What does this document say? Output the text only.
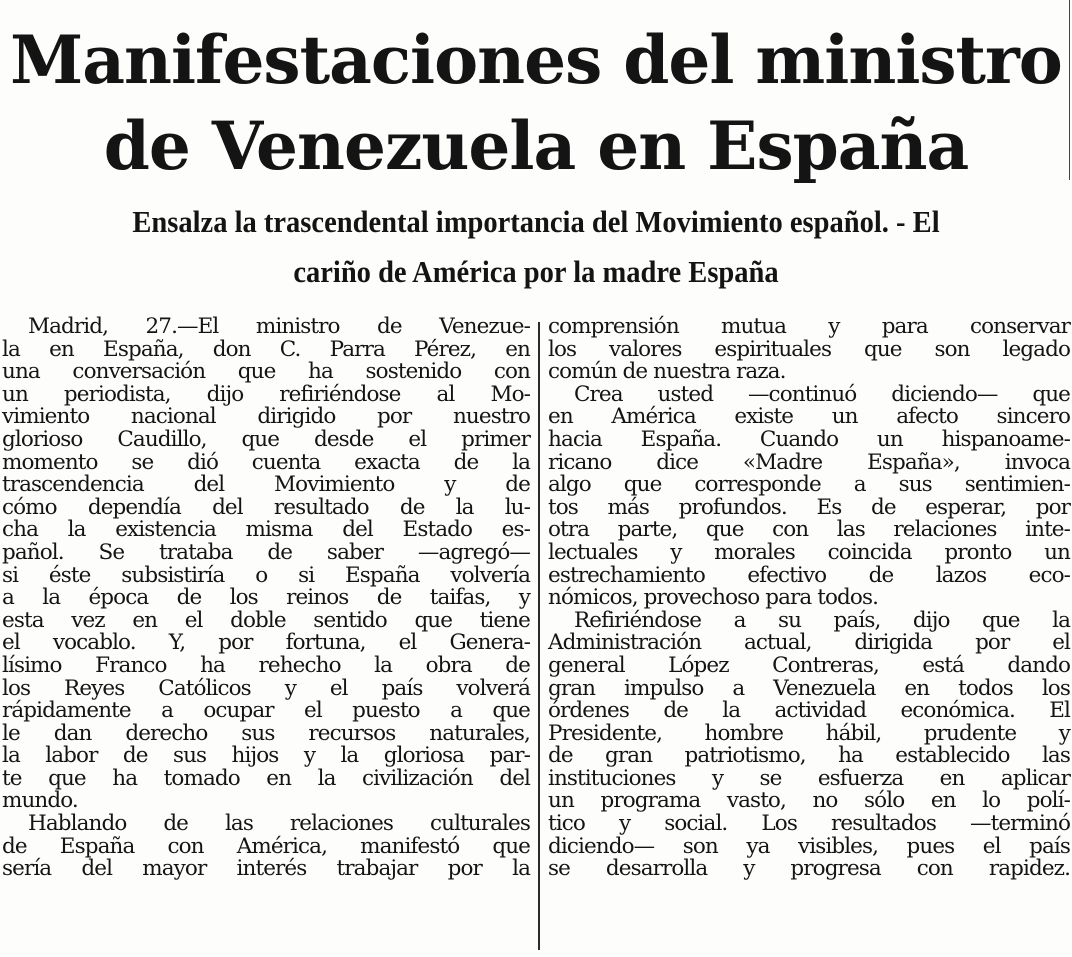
Manifestaciones del ministro
de Venezuela en España
Ensalza la trascendental importancia del Movimiento español. - El
cariño de América por la madre España
Madrid, 27.—El ministro de Venezue-
la en España, don C. Parra Pérez, en
una conversación que ha sostenido con
un periodista, dijo refiriéndose al Mo-
vimiento nacional dirigido por nuestro
glorioso Caudillo, que desde el primer
momento se dió cuenta exacta de la
trascendencia del Movimiento y de
cómo dependía del resultado de la lu-
cha la existencia misma del Estado es-
pañol. Se trataba de saber —agregó—
si éste subsistiría o si España volvería
a la época de los reinos de taifas, y
esta vez en el doble sentido que tiene
el vocablo. Y, por fortuna, el Genera-
lísimo Franco ha rehecho la obra de
los Reyes Católicos y el país volverá
rápidamente a ocupar el puesto a que
le dan derecho sus recursos naturales,
la labor de sus hijos y la gloriosa par-
te que ha tomado en la civilización del
mundo.
Hablando de las relaciones culturales
de España con América, manifestó que
sería del mayor interés trabajar por la
comprensión mutua y para conservar
los valores espirituales que son legado
común de nuestra raza.
Crea usted —continuó diciendo— que
en América existe un afecto sincero
hacia España. Cuando un hispanoame-
ricano dice «Madre España», invoca
algo que corresponde a sus sentimien-
tos más profundos. Es de esperar, por
otra parte, que con las relaciones inte-
lectuales y morales coincida pronto un
estrechamiento efectivo de lazos eco-
nómicos, provechoso para todos.
Refiriéndose a su país, dijo que la
Administración actual, dirigida por el
general López Contreras, está dando
gran impulso a Venezuela en todos los
órdenes de la actividad económica. El
Presidente, hombre hábil, prudente y
de gran patriotismo, ha establecido las
instituciones y se esfuerza en aplicar
un programa vasto, no sólo en lo polí-
tico y social. Los resultados —terminó
diciendo— son ya visibles, pues el país
se desarrolla y progresa con rapidez.
